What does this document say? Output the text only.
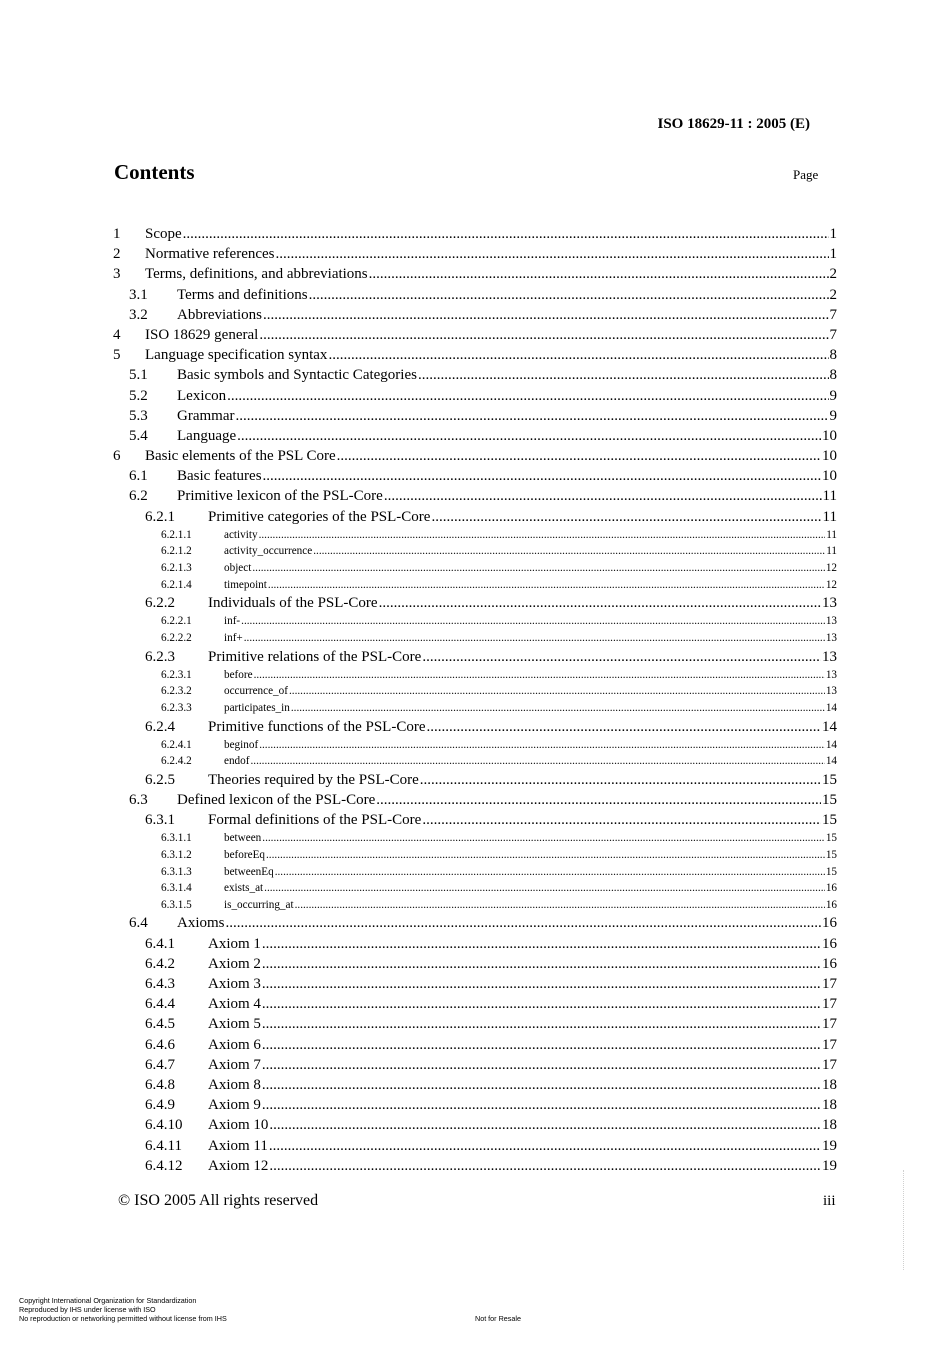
ISO 18629-11 : 2005 (E)
Contents	Page
1	Scope .....	1
2	Normative references .....	1
3	Terms, definitions, and abbreviations .....	2
3.1	Terms and definitions .....	2
3.2	Abbreviations .....	7
4	ISO 18629 general .....	7
5	Language specification syntax .....	8
5.1	Basic symbols and Syntactic Categories .....	8
5.2	Lexicon .....	9
5.3	Grammar .....	9
5.4	Language .....	10
6	Basic elements of the PSL Core .....	10
6.1	Basic features .....	10
6.2	Primitive lexicon of the PSL-Core .....	11
6.2.1	Primitive categories of the PSL-Core .....	11
6.2.1.1	activity .....	11
6.2.1.2	activity_occurrence .....	11
6.2.1.3	object .....	12
6.2.1.4	timepoint .....	12
6.2.2	Individuals of the PSL-Core .....	13
6.2.2.1	inf- .....	13
6.2.2.2	inf+ .....	13
6.2.3	Primitive relations of the PSL-Core .....	13
6.2.3.1	before .....	13
6.2.3.2	occurrence_of .....	13
6.2.3.3	participates_in .....	14
6.2.4	Primitive functions of the PSL-Core .....	14
6.2.4.1	beginof .....	14
6.2.4.2	endof .....	14
6.2.5	Theories required by the PSL-Core .....	15
6.3	Defined lexicon of the PSL-Core .....	15
6.3.1	Formal definitions of the PSL-Core .....	15
6.3.1.1	between .....	15
6.3.1.2	beforeEq .....	15
6.3.1.3	betweenEq .....	15
6.3.1.4	exists_at .....	16
6.3.1.5	is_occurring_at .....	16
6.4	Axioms .....	16
6.4.1	Axiom 1 .....	16
6.4.2	Axiom 2 .....	16
6.4.3	Axiom 3 .....	17
6.4.4	Axiom 4 .....	17
6.4.5	Axiom 5 .....	17
6.4.6	Axiom 6 .....	17
6.4.7	Axiom 7 .....	17
6.4.8	Axiom 8 .....	18
6.4.9	Axiom 9 .....	18
6.4.10	Axiom 10 .....	18
6.4.11	Axiom 11 .....	19
6.4.12	Axiom 12 .....	19
© ISO 2005 All rights reserved	iii
Copyright International Organization for Standardization
Reproduced by IHS under license with ISO
No reproduction or networking permitted without license from IHS	Not for Resale
